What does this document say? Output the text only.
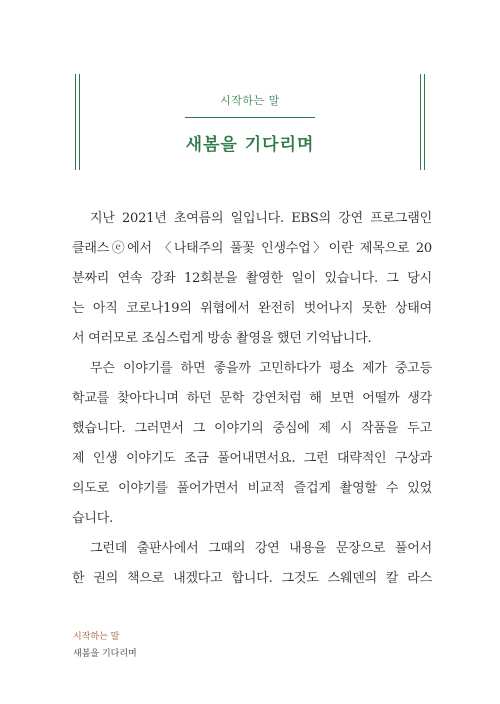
시작하는 말
새봄을 기다리며

지난 2021년 초여름의 일입니다. EBS의 강연 프로그램인

클래스ⓔ에서 〈나태주의 풀꽃 인생수업〉이란 제목으로 20

분짜리 연속 강좌 12회분을 촬영한 일이 있습니다. 그 당시

는 아직 코로나19의 위협에서 완전히 벗어나지 못한 상태여

서 여러모로 조심스럽게 방송 촬영을 했던 기억납니다.

무슨 이야기를 하면 좋을까 고민하다가 평소 제가 중고등

학교를 찾아다니며 하던 문학 강연처럼 해 보면 어떨까 생각

했습니다. 그러면서 그 이야기의 중심에 제 시 작품을 두고

제 인생 이야기도 조금 풀어내면서요. 그런 대략적인 구상과

의도로 이야기를 풀어가면서 비교적 즐겁게 촬영할 수 있었

습니다.

그런데 출판사에서 그때의 강연 내용을 문장으로 풀어서

한 권의 책으로 내겠다고 합니다. 그것도 스웨덴의 칼 라스

시작하는 말
새봄을 기다리며
